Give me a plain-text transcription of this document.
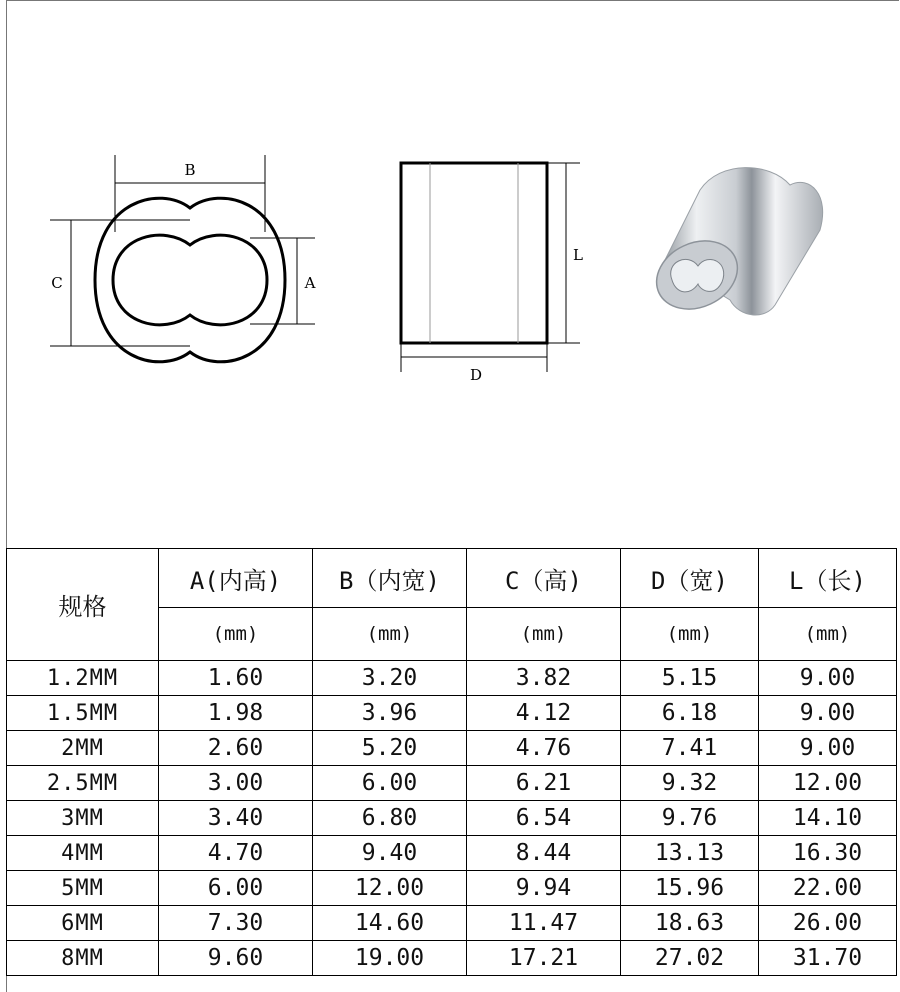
B
C	A
L
D
规格	A(内高)	B（内宽)	C（高)	D（宽)	L（长)
	(mm)	(mm)	(mm)	(mm)	(mm)
1.2MM	1.60	3.20	3.82	5.15	9.00
1.5MM	1.98	3.96	4.12	6.18	9.00
2MM	2.60	5.20	4.76	7.41	9.00
2.5MM	3.00	6.00	6.21	9.32	12.00
3MM	3.40	6.80	6.54	9.76	14.10
4MM	4.70	9.40	8.44	13.13	16.30
5MM	6.00	12.00	9.94	15.96	22.00
6MM	7.30	14.60	11.47	18.63	26.00
8MM	9.60	19.00	17.21	27.02	31.70
